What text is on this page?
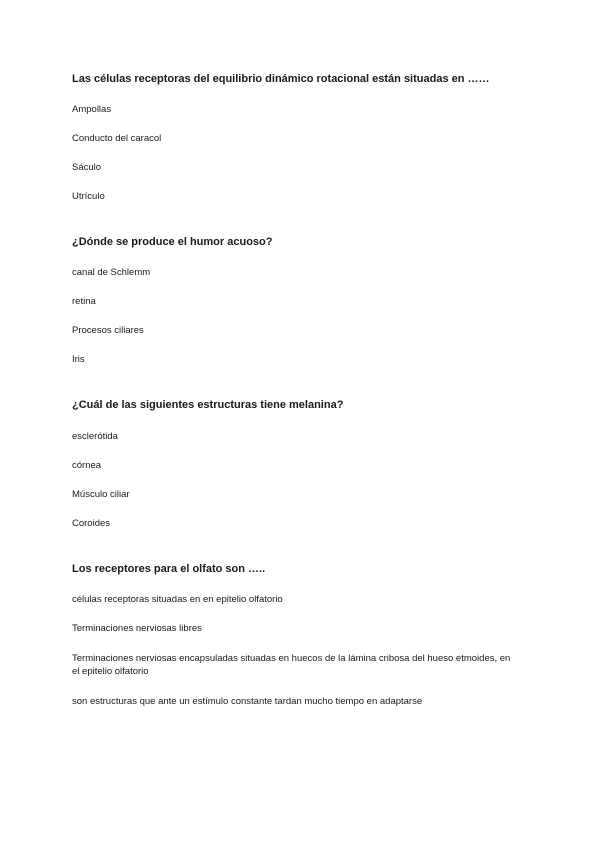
Las células receptoras del equilibrio dinámico rotacional están situadas en ……
Ampollas
Conducto del caracol
Sáculo
Utrículo
¿Dónde se produce el humor acuoso?
canal de Schlemm
retina
Procesos ciliares
Iris
¿Cuál de las siguientes estructuras tiene melanina?
esclerótida
córnea
Músculo ciliar
Coroides
Los receptores para el olfato son …..
células receptoras situadas en en epitelio olfatorio
Terminaciones nerviosas libres
Terminaciones nerviosas encapsuladas situadas en huecos de la lámina cribosa del hueso etmoides, en el epitelio olfatorio
son estructuras que ante un estímulo constante tardan mucho tiempo en adaptarse
